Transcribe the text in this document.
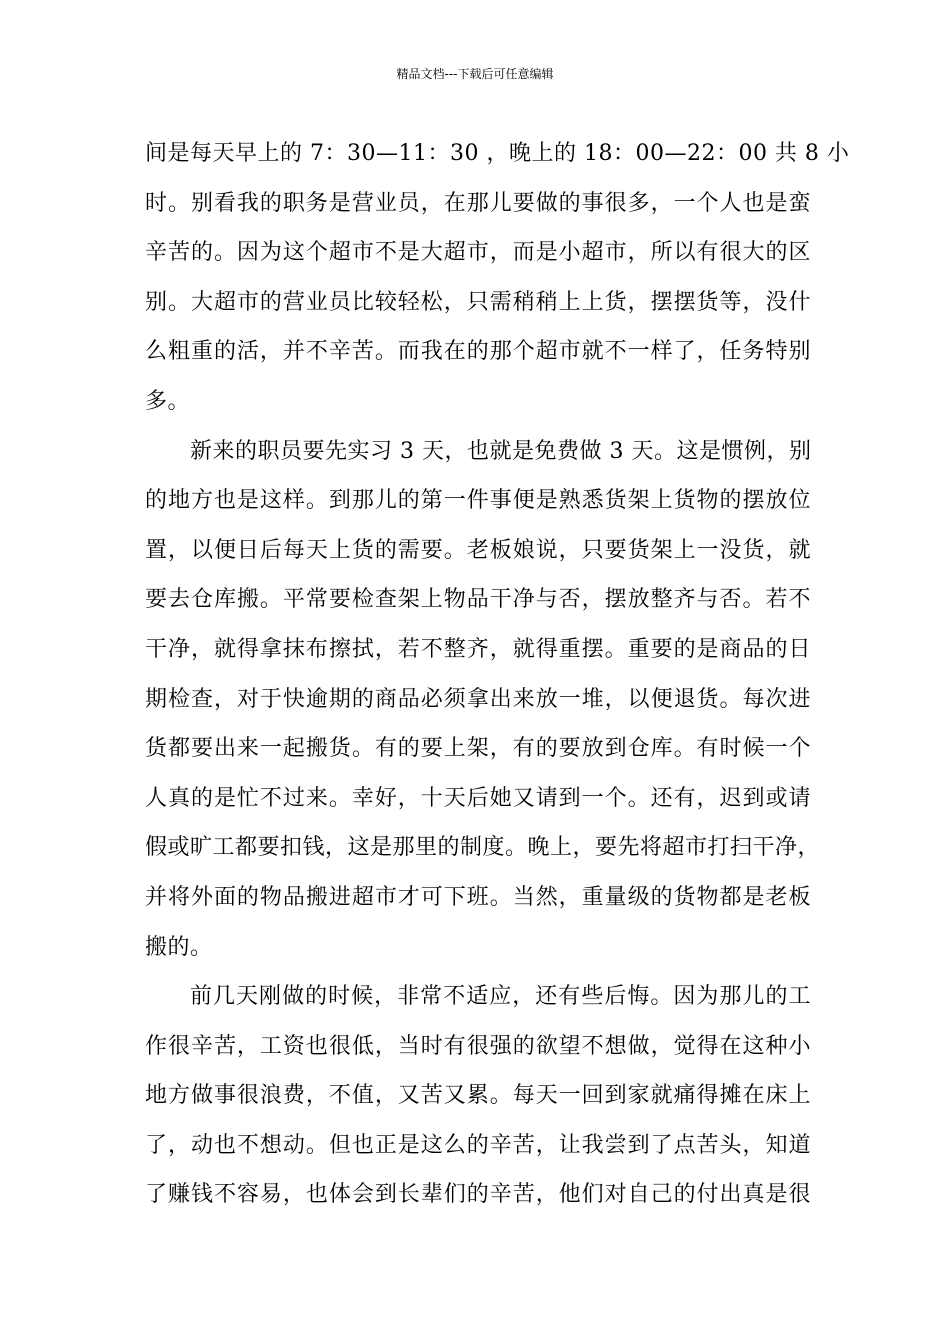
精品文档---下载后可任意编辑
间是每天早上的 7：30—11：30 ，晚上的 18：00—22：00 共 8 小
时。别看我的职务是营业员，在那儿要做的事很多，一个人也是蛮
辛苦的。因为这个超市不是大超市，而是小超市，所以有很大的区
别。大超市的营业员比较轻松，只需稍稍上上货，摆摆货等，没什
么粗重的活，并不辛苦。而我在的那个超市就不一样了，任务特别
多。
新来的职员要先实习 3 天，也就是免费做 3 天。这是惯例，别
的地方也是这样。到那儿的第一件事便是熟悉货架上货物的摆放位
置，以便日后每天上货的需要。老板娘说，只要货架上一没货，就
要去仓库搬。平常要检查架上物品干净与否，摆放整齐与否。若不
干净，就得拿抹布擦拭，若不整齐，就得重摆。重要的是商品的日
期检查，对于快逾期的商品必须拿出来放一堆，以便退货。每次进
货都要出来一起搬货。有的要上架，有的要放到仓库。有时候一个
人真的是忙不过来。幸好，十天后她又请到一个。还有，迟到或请
假或旷工都要扣钱，这是那里的制度。晚上，要先将超市打扫干净，
并将外面的物品搬进超市才可下班。当然，重量级的货物都是老板
搬的。
前几天刚做的时候，非常不适应，还有些后悔。因为那儿的工
作很辛苦，工资也很低，当时有很强的欲望不想做，觉得在这种小
地方做事很浪费，不值，又苦又累。每天一回到家就痛得摊在床上
了，动也不想动。但也正是这么的辛苦，让我尝到了点苦头，知道
了赚钱不容易，也体会到长辈们的辛苦，他们对自己的付出真是很
